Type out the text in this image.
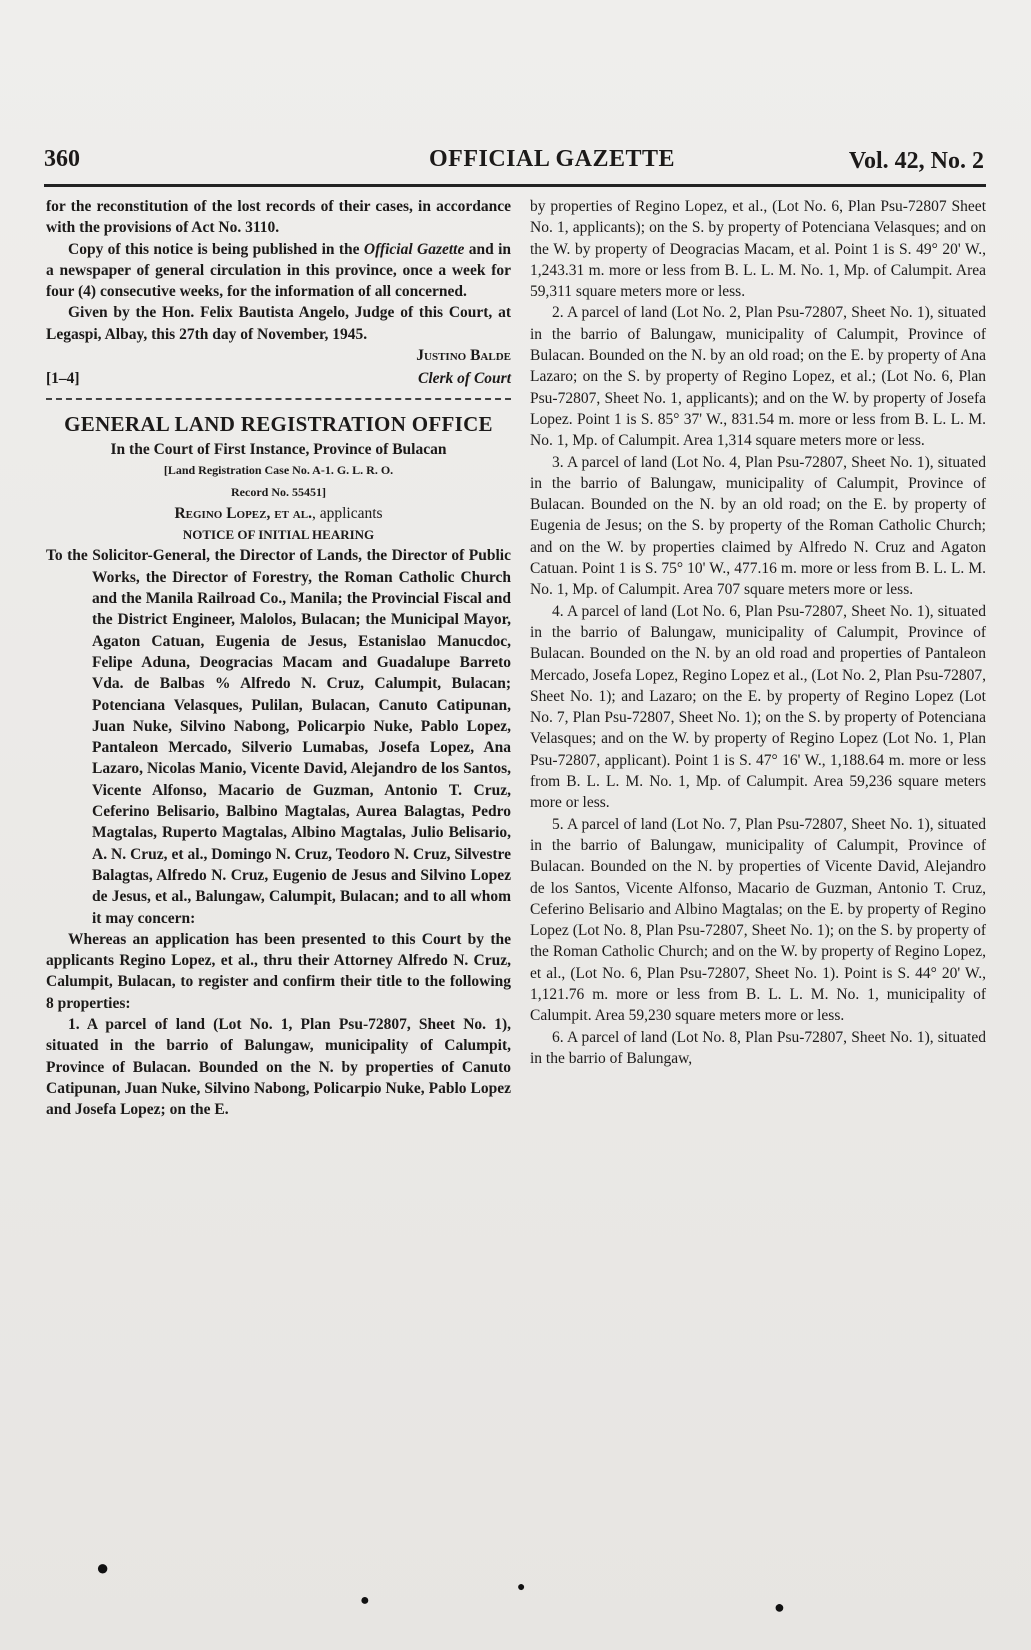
360	OFFICIAL GAZETTE	Vol. 42, No. 2

for the reconstitution of the lost records of their cases, in accordance with the provisions of Act No. 3110.

Copy of this notice is being published in the Official Gazette and in a newspaper of general circulation in this province, once a week for four (4) consecutive weeks, for the information of all concerned.

Given by the Hon. Felix Bautista Angelo, Judge of this Court, at Legaspi, Albay, this 27th day of November, 1945.

Justino Balde

[1–4]	Clerk of Court
GENERAL LAND REGISTRATION OFFICE

In the Court of First Instance, Province of Bulacan

[Land Registration Case No. A-1. G. L. R. O.

Record No. 55451]

Regino Lopez, et al., applicants

NOTICE OF INITIAL HEARING

To the Solicitor-General, the Director of Lands, the Director of Public Works, the Director of Forestry, the Roman Catholic Church and the Manila Railroad Co., Manila; the Provincial Fiscal and the District Engineer, Malolos, Bulacan; the Municipal Mayor, Agaton Catuan, Eugenia de Jesus, Estanislao Manucdoc, Felipe Aduna, Deogracias Macam and Guadalupe Barreto Vda. de Balbas % Alfredo N. Cruz, Calumpit, Bulacan; Potenciana Velasques, Pulilan, Bulacan, Canuto Catipunan, Juan Nuke, Silvino Nabong, Policarpio Nuke, Pablo Lopez, Pantaleon Mercado, Silverio Lumabas, Josefa Lopez, Ana Lazaro, Nicolas Manio, Vicente David, Alejandro de los Santos, Vicente Alfonso, Macario de Guzman, Antonio T. Cruz, Ceferino Belisario, Balbino Magtalas, Aurea Balagtas, Pedro Magtalas, Ruperto Magtalas, Albino Magtalas, Julio Belisario, A. N. Cruz, et al., Domingo N. Cruz, Teodoro N. Cruz, Silvestre Balagtas, Alfredo N. Cruz, Eugenio de Jesus and Silvino Lopez de Jesus, et al., Balungaw, Calumpit, Bulacan; and to all whom it may concern:

Whereas an application has been presented to this Court by the applicants Regino Lopez, et al., thru their Attorney Alfredo N. Cruz, Calumpit, Bulacan, to register and confirm their title to the following 8 properties:

1. A parcel of land (Lot No. 1, Plan Psu-72807, Sheet No. 1), situated in the barrio of Balungaw, municipality of Calumpit, Province of Bulacan. Bounded on the N. by properties of Canuto Catipunan, Juan Nuke, Silvino Nabong, Policarpio Nuke, Pablo Lopez and Josefa Lopez; on the E.

by properties of Regino Lopez, et al., (Lot No. 6, Plan Psu-72807 Sheet No. 1, applicants); on the S. by property of Potenciana Velasques; and on the W. by property of Deogracias Macam, et al. Point 1 is S. 49° 20' W., 1,243.31 m. more or less from B. L. L. M. No. 1, Mp. of Calumpit. Area 59,311 square meters more or less.

2. A parcel of land (Lot No. 2, Plan Psu-72807, Sheet No. 1), situated in the barrio of Balungaw, municipality of Calumpit, Province of Bulacan. Bounded on the N. by an old road; on the E. by property of Ana Lazaro; on the S. by property of Regino Lopez, et al.; (Lot No. 6, Plan Psu-72807, Sheet No. 1, applicants); and on the W. by property of Josefa Lopez. Point 1 is S. 85° 37' W., 831.54 m. more or less from B. L. L. M. No. 1, Mp. of Calumpit. Area 1,314 square meters more or less.

3. A parcel of land (Lot No. 4, Plan Psu-72807, Sheet No. 1), situated in the barrio of Balungaw, municipality of Calumpit, Province of Bulacan. Bounded on the N. by an old road; on the E. by property of Eugenia de Jesus; on the S. by property of the Roman Catholic Church; and on the W. by properties claimed by Alfredo N. Cruz and Agaton Catuan. Point 1 is S. 75° 10' W., 477.16 m. more or less from B. L. L. M. No. 1, Mp. of Calumpit. Area 707 square meters more or less.

4. A parcel of land (Lot No. 6, Plan Psu-72807, Sheet No. 1), situated in the barrio of Balungaw, municipality of Calumpit, Province of Bulacan. Bounded on the N. by an old road and properties of Pantaleon Mercado, Josefa Lopez, Regino Lopez et al., (Lot No. 2, Plan Psu-72807, Sheet No. 1); and Lazaro; on the E. by property of Regino Lopez (Lot No. 7, Plan Psu-72807, Sheet No. 1); on the S. by property of Potenciana Velasques; and on the W. by property of Regino Lopez (Lot No. 1, Plan Psu-72807, applicant). Point 1 is S. 47° 16' W., 1,188.64 m. more or less from B. L. L. M. No. 1, Mp. of Calumpit. Area 59,236 square meters more or less.

5. A parcel of land (Lot No. 7, Plan Psu-72807, Sheet No. 1), situated in the barrio of Balungaw, municipality of Calumpit, Province of Bulacan. Bounded on the N. by properties of Vicente David, Alejandro de los Santos, Vicente Alfonso, Macario de Guzman, Antonio T. Cruz, Ceferino Belisario and Albino Magtalas; on the E. by property of Regino Lopez (Lot No. 8, Plan Psu-72807, Sheet No. 1); on the S. by property of the Roman Catholic Church; and on the W. by property of Regino Lopez, et al., (Lot No. 6, Plan Psu-72807, Sheet No. 1). Point is S. 44° 20' W., 1,121.76 m. more or less from B. L. L. M. No. 1, municipality of Calumpit. Area 59,230 square meters more or less.

6. A parcel of land (Lot No. 8, Plan Psu-72807, Sheet No. 1), situated in the barrio of Balungaw,

●
●
●
●
